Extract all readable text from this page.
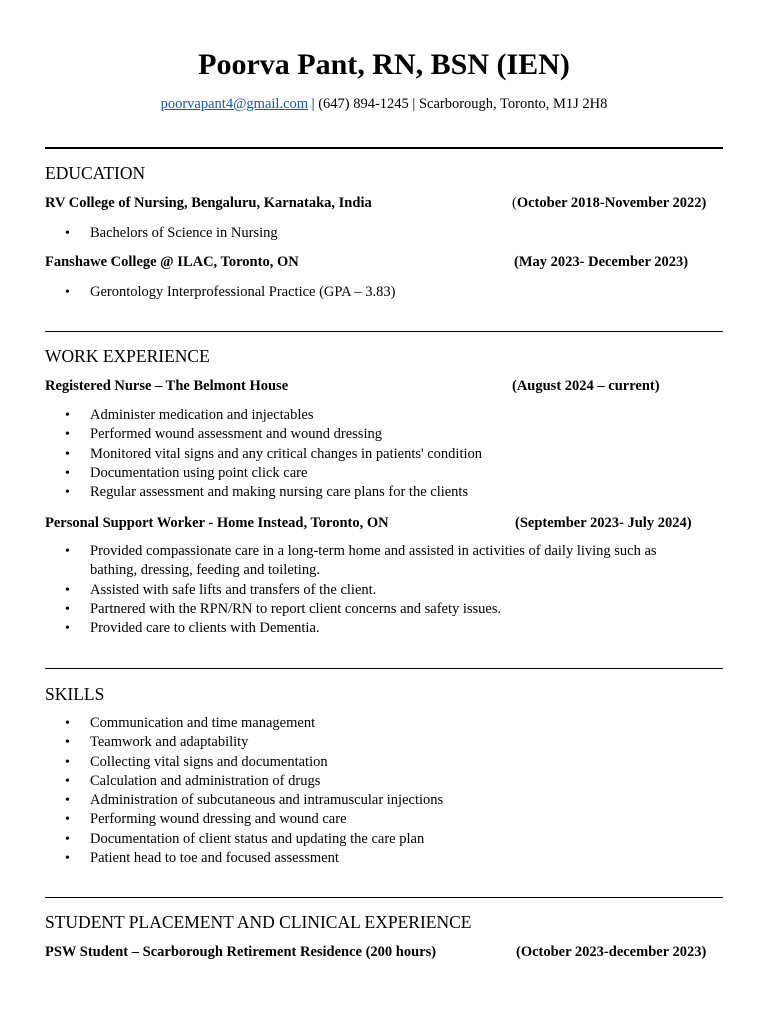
Poorva Pant, RN, BSN (IEN)
poorvapant4@gmail.com | (647) 894-1245 | Scarborough, Toronto, M1J 2H8
EDUCATION
RV College of Nursing, Bengaluru, Karnataka, India	(October 2018-November 2022)
• Bachelors of Science in Nursing
Fanshawe College @ ILAC, Toronto, ON	(May 2023- December 2023)
• Gerontology Interprofessional Practice (GPA – 3.83)
WORK EXPERIENCE
Registered Nurse – The Belmont House	(August 2024 – current)
• Administer medication and injectables
• Performed wound assessment and wound dressing
• Monitored vital signs and any critical changes in patients' condition
• Documentation using point click care
• Regular assessment and making nursing care plans for the clients
Personal Support Worker - Home Instead, Toronto, ON	(September 2023- July 2024)
• Provided compassionate care in a long-term home and assisted in activities of daily living such as bathing, dressing, feeding and toileting.
• Assisted with safe lifts and transfers of the client.
• Partnered with the RPN/RN to report client concerns and safety issues.
• Provided care to clients with Dementia.
SKILLS
• Communication and time management
• Teamwork and adaptability
• Collecting vital signs and documentation
• Calculation and administration of drugs
• Administration of subcutaneous and intramuscular injections
• Performing wound dressing and wound care
• Documentation of client status and updating the care plan
• Patient head to toe and focused assessment
STUDENT PLACEMENT AND CLINICAL EXPERIENCE
PSW Student – Scarborough Retirement Residence (200 hours)	(October 2023-december 2023)
